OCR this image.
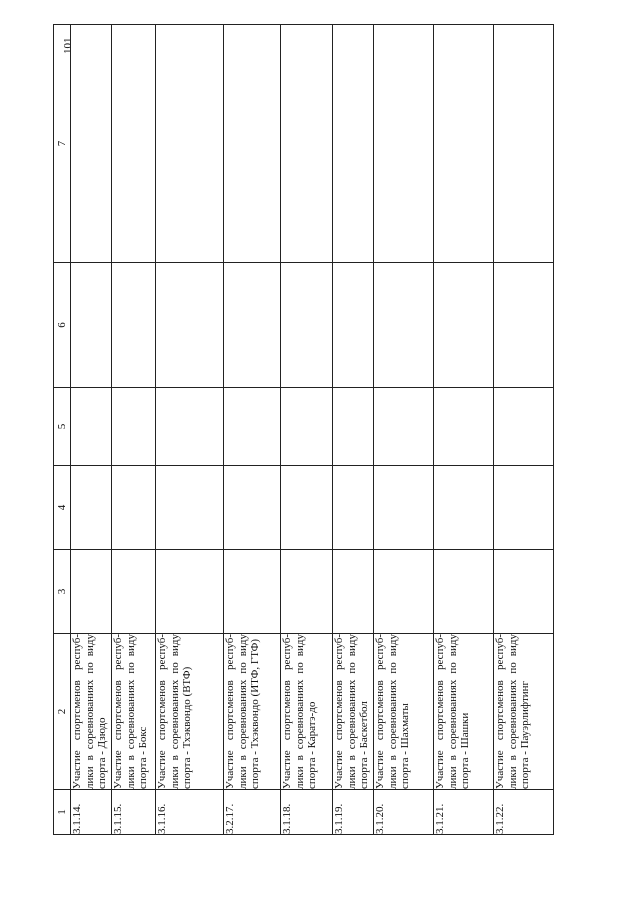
101
1	2	3	4	5	6	7
3.1.14.	Участие спортсменов респуб-лики в соревнованиях по виду спорта - Дзюдо					
3.1.15.	Участие спортсменов респуб-лики в соревнованиях по виду спорта - Бокс					
3.1.16.	Участие спортсменов респуб-лики в соревнованиях по виду спорта - Тхэквондо (ВТФ)					
3.2.17.	Участие спортсменов респуб-лики в соревнованиях по виду спорта - Тхэквондо (ИТФ, ГТФ)					
3.1.18.	Участие спортсменов респуб-лики в соревнованиях по виду спорта - Каратэ-до					
3.1.19.	Участие спортсменов респуб-лики в соревнованиях по виду спорта - Баскетбол					
3.1.20.	Участие спортсменов респуб-лики в соревнованиях по виду спорта - Шахматы					
3.1.21.	Участие спортсменов респуб-лики в соревнованиях по виду спорта - Шашки					
3.1.22.	Участие спортсменов респуб-лики в соревнованиях по виду спорта - Пауэрлифтинг					
